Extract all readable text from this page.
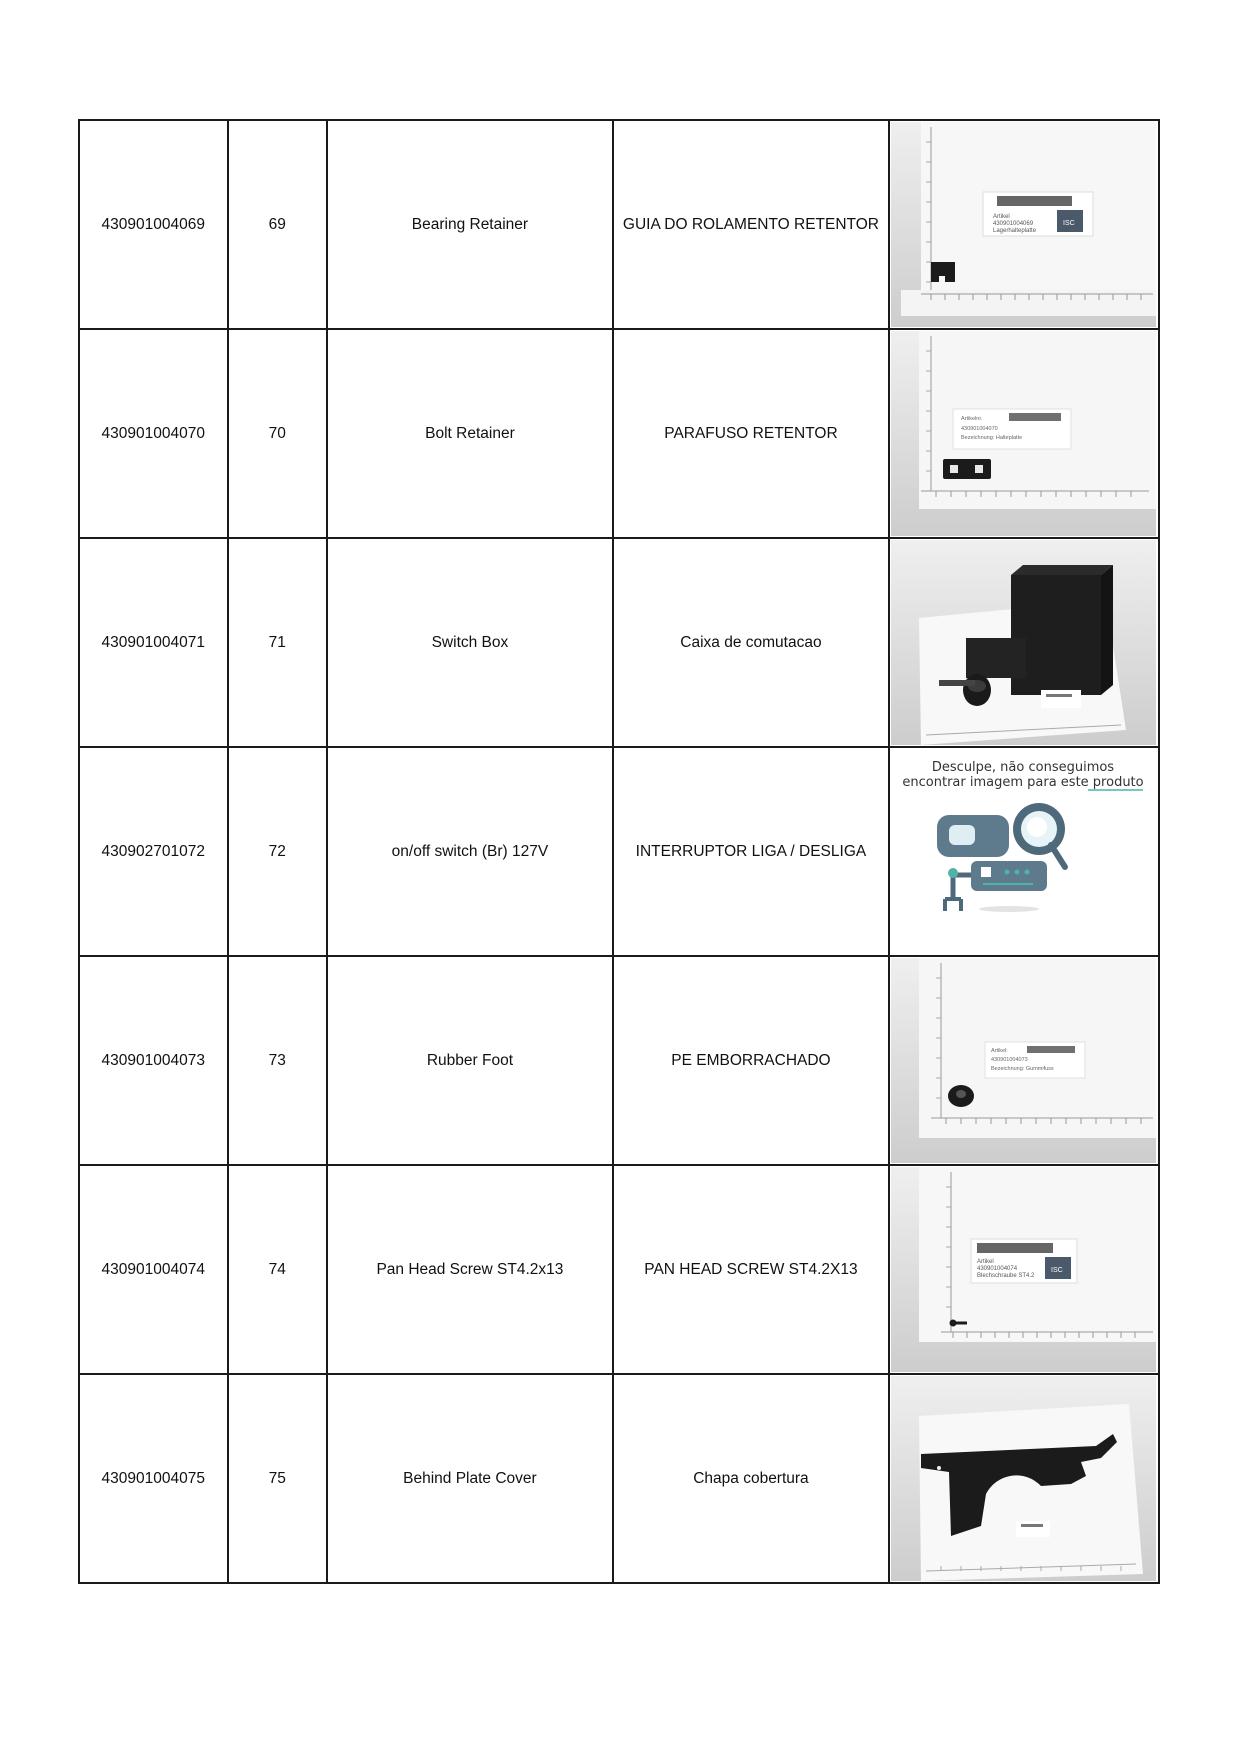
430901004069	69	Bearing Retainer	GUIA DO ROLAMENTO RETENTOR	Artikel
430901004069
Lagerhalteplatte
ISC

430901004070	70	Bolt Retainer	PARAFUSO RETENTOR	Artikelnr.
430901004070
Bezeichnung: Halteplatte

430901004071	71	Switch Box	Caixa de comutacao	

430902701072	72	on/off switch (Br) 127V	INTERRUPTOR LIGA / DESLIGA	Desculpe, não conseguimos
encontrar imagem para este produto

430901004073	73	Rubber Foot	PE EMBORRACHADO	Artikel:
430901004073
Bezeichnung: Gummifuss

430901004074	74	Pan Head Screw ST4.2x13	PAN HEAD SCREW ST4.2X13	Artikel
430901004074
Blechschraube ST4.2
ISC

430901004075	75	Behind Plate Cover	Chapa cobertura	
